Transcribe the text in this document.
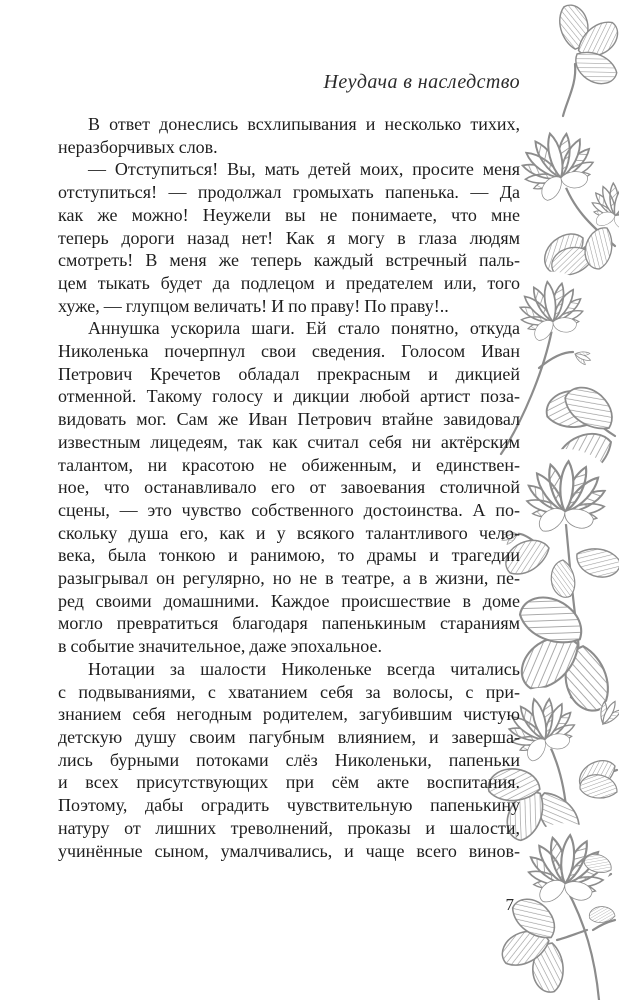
Неудача в наследство
В ответ донеслись всхлипывания и несколько тихих,
неразборчивых слов.
— Отступиться! Вы, мать детей моих, просите меня
отступиться! — продолжал громыхать папенька. — Да
как же можно! Неужели вы не понимаете, что мне
теперь дороги назад нет! Как я могу в глаза людям
смотреть! В меня же теперь каждый встречный паль-
цем тыкать будет да подлецом и предателем или, того
хуже, — глупцом величать! И по праву! По праву!..
Аннушка ускорила шаги. Ей стало понятно, откуда
Николенька почерпнул свои сведения. Голосом Иван
Петрович Кречетов обладал прекрасным и дикцией
отменной. Такому голосу и дикции любой артист поза-
видовать мог. Сам же Иван Петрович втайне завидовал
известным лицедеям, так как считал себя ни актёрским
талантом, ни красотою не обиженным, и единствен-
ное, что останавливало его от завоевания столичной
сцены, — это чувство собственного достоинства. А по-
скольку душа его, как и у всякого талантливого чело-
века, была тонкою и ранимою, то драмы и трагедии
разыгрывал он регулярно, но не в театре, а в жизни, пе-
ред своими домашними. Каждое происшествие в доме
могло превратиться благодаря папенькиным стараниям
в событие значительное, даже эпохальное.
Нотации за шалости Николеньке всегда читались
с подвываниями, с хватанием себя за волосы, с при-
знанием себя негодным родителем, загубившим чистую
детскую душу своим пагубным влиянием, и заверша-
лись бурными потоками слёз Николеньки, папеньки
и всех присутствующих при сём акте воспитания.
Поэтому, дабы оградить чувствительную папенькину
натуру от лишних треволнений, проказы и шалости,
учинённые сыном, умалчивались, и чаще всего винов-
7
